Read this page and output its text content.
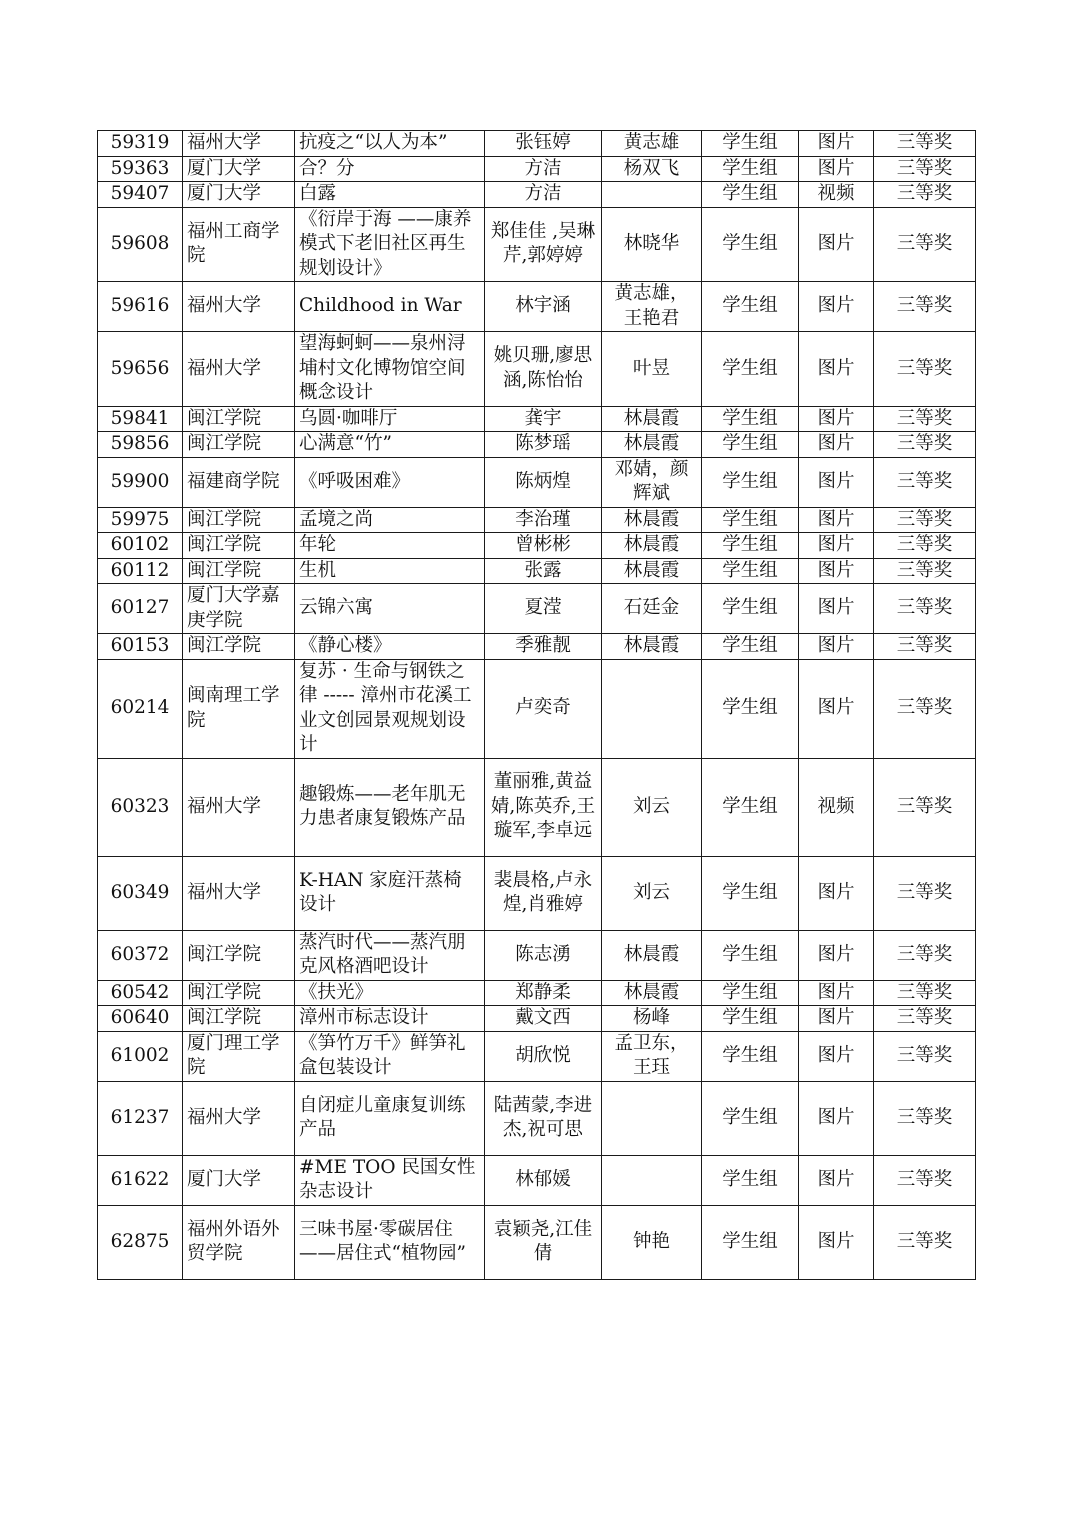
59319	福州大学	抗疫之“以人为本”	张钰婷	黄志雄	学生组	图片	三等奖
59363	厦门大学	合？分	方洁	杨双飞	学生组	图片	三等奖
59407	厦门大学	白露	方洁		学生组	视频	三等奖
59608	福州工商学院	《衍岸于海 ——康养模式下老旧社区再生规划设计》	郑佳佳 ,吴琳芹,郭婷婷	林晓华	学生组	图片	三等奖
59616	福州大学	Childhood in War	林宇涵	黄志雄，王艳君	学生组	图片	三等奖
59656	福州大学	望海蚵蚵——泉州浔埔村文化博物馆空间概念设计	姚贝珊,廖思涵,陈怡怡	叶昱	学生组	图片	三等奖
59841	闽江学院	乌圆·咖啡厅	龚宇	林晨霞	学生组	图片	三等奖
59856	闽江学院	心满意“竹”	陈梦瑶	林晨霞	学生组	图片	三等奖
59900	福建商学院	《呼吸困难》	陈炳煌	邓婧，颜辉斌	学生组	图片	三等奖
59975	闽江学院	孟境之尚	李治瑾	林晨霞	学生组	图片	三等奖
60102	闽江学院	年轮	曾彬彬	林晨霞	学生组	图片	三等奖
60112	闽江学院	生机	张露	林晨霞	学生组	图片	三等奖
60127	厦门大学嘉庚学院	云锦六寓	夏滢	石廷金	学生组	图片	三等奖
60153	闽江学院	《静心楼》	季雅靓	林晨霞	学生组	图片	三等奖
60214	闽南理工学院	复苏 · 生命与钢铁之律 ----- 漳州市花溪工业文创园景观规划设计	卢奕奇		学生组	图片	三等奖
60323	福州大学	趣锻炼——老年肌无力患者康复锻炼产品	董丽雅,黄益婧,陈英乔,王璇军,李卓远	刘云	学生组	视频	三等奖
60349	福州大学	K-HAN 家庭汗蒸椅设计	裴晨格,卢永煌,肖雅婷	刘云	学生组	图片	三等奖
60372	闽江学院	蒸汽时代——蒸汽朋克风格酒吧设计	陈志湧	林晨霞	学生组	图片	三等奖
60542	闽江学院	《扶光》	郑静柔	林晨霞	学生组	图片	三等奖
60640	闽江学院	漳州市标志设计	戴文西	杨峰	学生组	图片	三等奖
61002	厦门理工学院	《笋竹万千》鲜笋礼盒包装设计	胡欣悦	孟卫东，王珏	学生组	图片	三等奖
61237	福州大学	自闭症儿童康复训练产品	陆茜蒙,李进杰,祝可思		学生组	图片	三等奖
61622	厦门大学	#ME TOO 民国女性杂志设计	林郁媛		学生组	图片	三等奖
62875	福州外语外贸学院	三味书屋·零碳居住——居住式“植物园”	袁颖尧,江佳倩	钟艳	学生组	图片	三等奖
